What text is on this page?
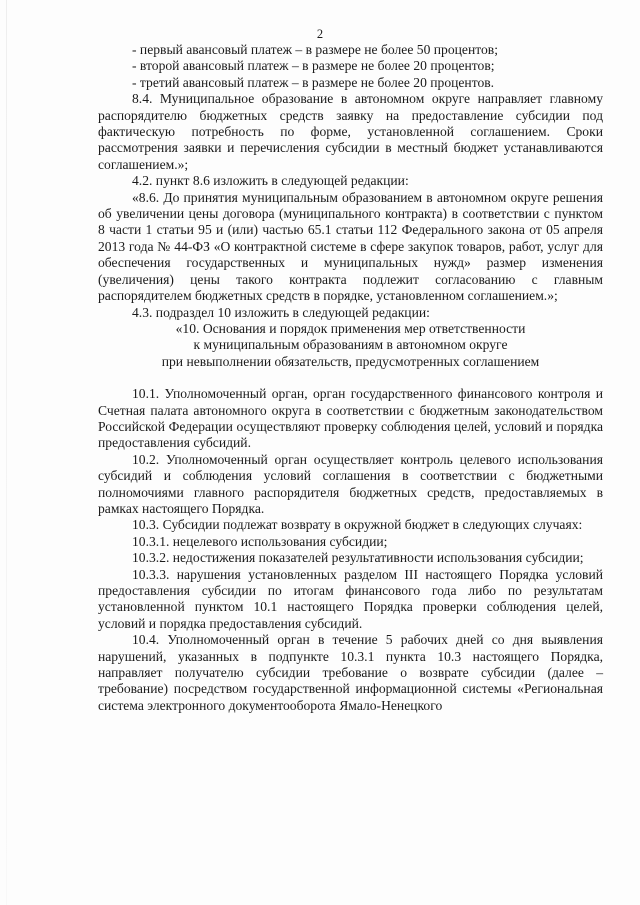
2

- первый авансовый платеж – в размере не более 50 процентов;

- второй авансовый платеж – в размере не более 20 процентов;

- третий авансовый платеж – в размере не более 20 процентов.

8.4. Муниципальное образование в автономном округе направляет главному распорядителю бюджетных средств заявку на предоставление субсидии под фактическую потребность по форме, установленной соглашением. Сроки рассмотрения заявки и перечисления субсидии в местный бюджет устанавливаются соглашением.»;

4.2. пункт 8.6 изложить в следующей редакции:

«8.6. До принятия муниципальным образованием в автономном округе решения об увеличении цены договора (муниципального контракта) в соответствии с пунктом 8 части 1 статьи 95 и (или) частью 65.1 статьи 112 Федерального закона от 05 апреля 2013 года № 44-ФЗ «О контрактной системе в сфере закупок товаров, работ, услуг для обеспечения государственных и муниципальных нужд» размер изменения (увеличения) цены такого контракта подлежит согласованию с главным распорядителем бюджетных средств в порядке, установленном соглашением.»;

4.3. подраздел 10 изложить в следующей редакции:

«10. Основания и порядок применения мер ответственности

к муниципальным образованиям в автономном округе

при невыполнении обязательств, предусмотренных соглашением

10.1. Уполномоченный орган, орган государственного финансового контроля и Счетная палата автономного округа в соответствии с бюджетным законодательством Российской Федерации осуществляют проверку соблюдения целей, условий и порядка предоставления субсидий.

10.2. Уполномоченный орган осуществляет контроль целевого использования субсидий и соблюдения условий соглашения в соответствии с бюджетными полномочиями главного распорядителя бюджетных средств, предоставляемых в рамках настоящего Порядка.

10.3. Субсидии подлежат возврату в окружной бюджет в следующих случаях:

10.3.1. нецелевого использования субсидии;

10.3.2. недостижения показателей результативности использования субсидии;

10.3.3. нарушения установленных разделом III настоящего Порядка условий предоставления субсидии по итогам финансового года либо по результатам установленной пунктом 10.1 настоящего Порядка проверки соблюдения целей, условий и порядка предоставления субсидий.

10.4. Уполномоченный орган в течение 5 рабочих дней со дня выявления нарушений, указанных в подпункте 10.3.1 пункта 10.3 настоящего Порядка, направляет получателю субсидии требование о возврате субсидии (далее – требование) посредством государственной информационной системы «Региональная система электронного документооборота Ямало-Ненецкого
